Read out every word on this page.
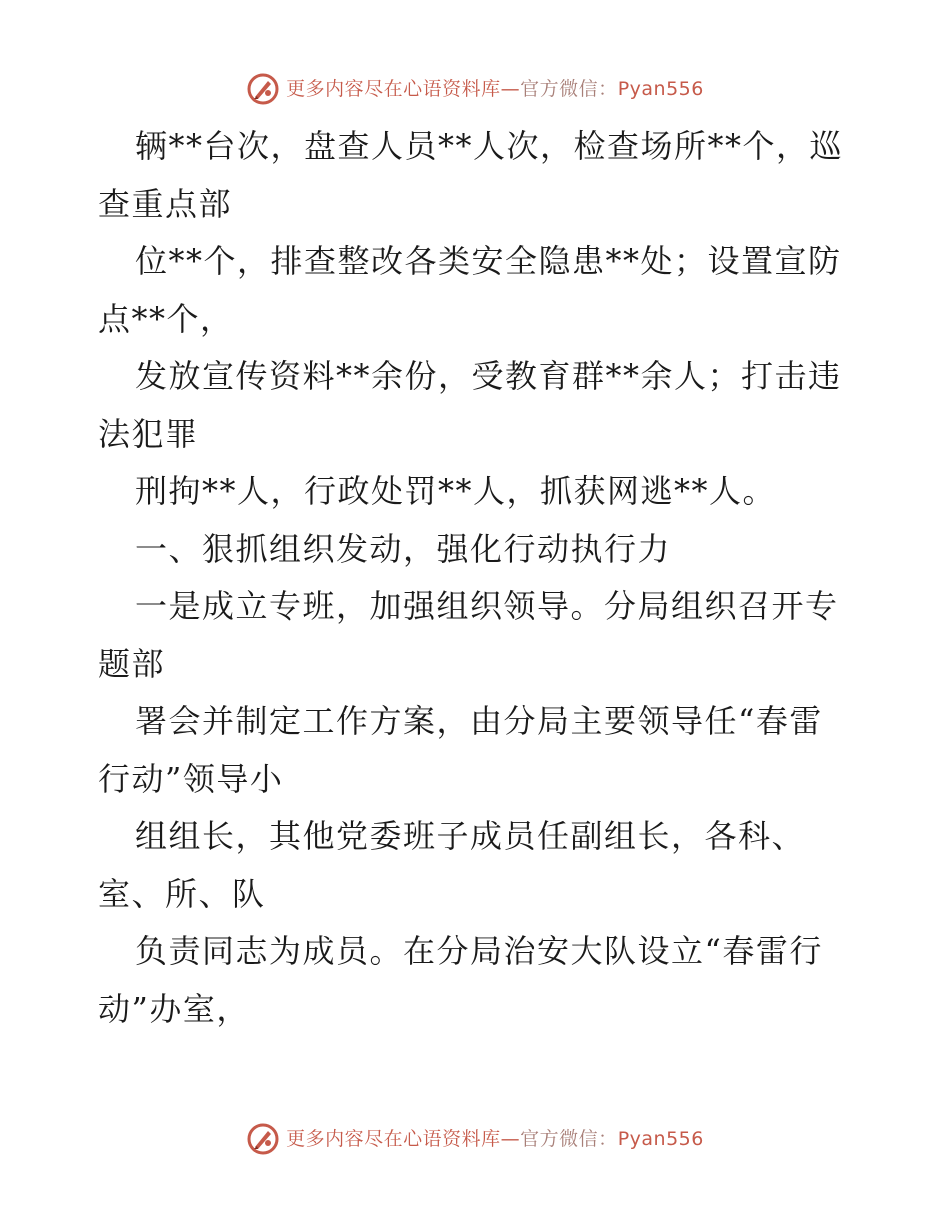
更多内容尽在心语资料库—官方微信：Pyan556
辆**台次，盘查人员**人次，检查场所**个，巡
查重点部
位**个，排查整改各类安全隐患**处；设置宣防
点**个，
发放宣传资料**余份，受教育群**余人；打击违
法犯罪
刑拘**人，行政处罚**人，抓获网逃**人。
一、狠抓组织发动，强化行动执行力
一是成立专班，加强组织领导。分局组织召开专
题部
署会并制定工作方案，由分局主要领导任“春雷
行动”领导小
组组长，其他党委班子成员任副组长，各科、
室、所、队
负责同志为成员。在分局治安大队设立“春雷行
动”办室，
更多内容尽在心语资料库—官方微信：Pyan556
